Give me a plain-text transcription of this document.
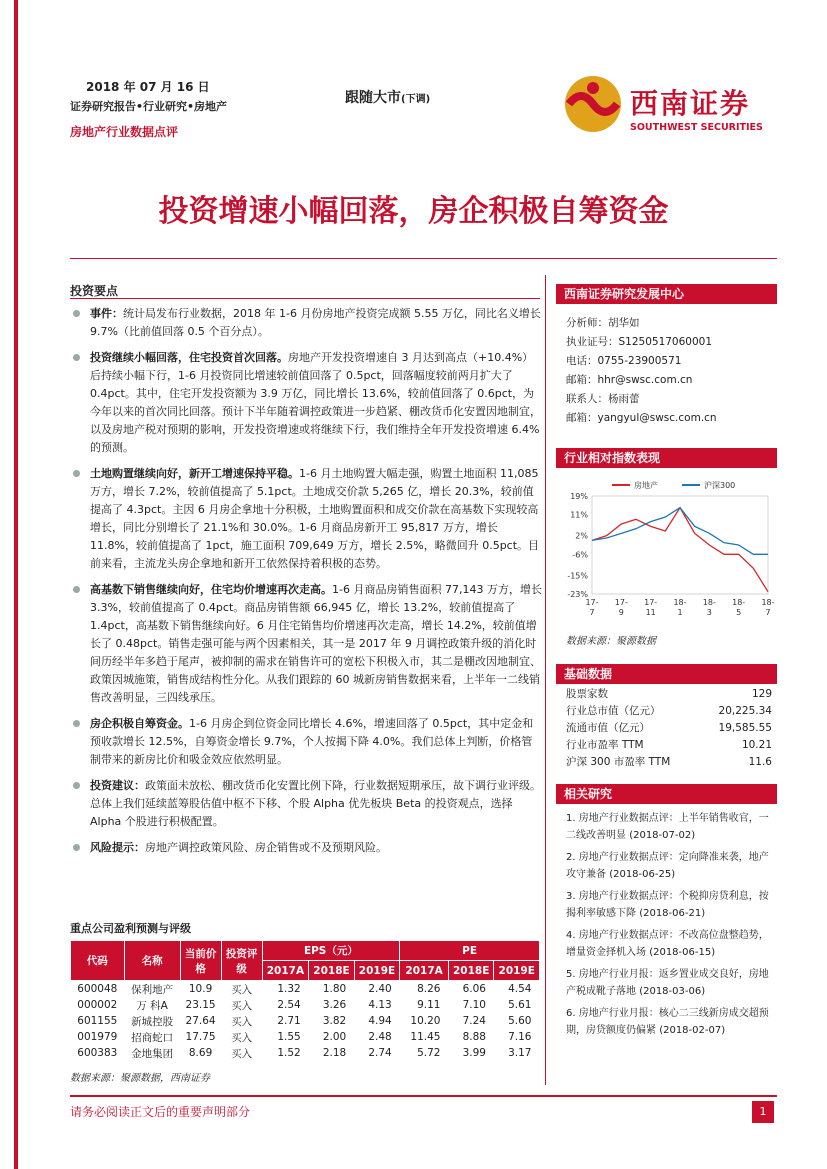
2018 年 07 月 16 日
证券研究报告•行业研究•房地产
房地产行业数据点评
跟随大市(下调)	西南证券
SOUTHWEST SECURITIES
投资增速小幅回落，房企积极自筹资金
投资要点
事件：统计局发布行业数据，2018 年 1-6 月份房地产投资完成额 5.55 万亿，同比名义增长 9.7%（比前值回落 0.5 个百分点）。
投资继续小幅回落，住宅投资首次回落。房地产开发投资增速自 3 月达到高点（+10.4%）后持续小幅下行，1-6 月投资同比增速较前值回落了 0.5pct，回落幅度较前两月扩大了 0.4pct。其中，住宅开发投资额为 3.9 万亿，同比增长 13.6%，较前值回落了 0.6pct，为今年以来的首次同比回落。预计下半年随着调控政策进一步趋紧、棚改货币化安置因地制宜，以及房地产税对预期的影响，开发投资增速或将继续下行，我们维持全年开发投资增速 6.4%的预测。
土地购置继续向好，新开工增速保持平稳。1-6 月土地购置大幅走强，购置土地面积 11,085 万方，增长 7.2%，较前值提高了 5.1pct。土地成交价款 5,265 亿，增长 20.3%，较前值提高了 4.3pct。主因 6 月房企拿地十分积极，土地购置面积和成交价款在高基数下实现较高增长，同比分别增长了 21.1%和 30.0%。1-6 月商品房新开工 95,817 万方，增长 11.8%，较前值提高了 1pct，施工面积 709,649 万方，增长 2.5%，略微回升 0.5pct。目前来看，主流龙头房企拿地和新开工依然保持着积极的态势。
高基数下销售继续向好，住宅均价增速再次走高。1-6 月商品房销售面积 77,143 万方，增长 3.3%，较前值提高了 0.4pct。商品房销售额 66,945 亿，增长 13.2%，较前值提高了 1.4pct，高基数下销售继续向好。6 月住宅销售均价增速再次走高，增长 14.2%，较前值增长了 0.48pct。销售走强可能与两个因素相关，其一是 2017 年 9 月调控政策升级的消化时间历经半年多趋于尾声，被抑制的需求在销售许可的宽松下积极入市，其二是棚改因地制宜、政策因城施策，销售成结构性分化。从我们跟踪的 60 城新房销售数据来看，上半年一二线销售改善明显，三四线承压。
房企积极自筹资金。1-6 月房企到位资金同比增长 4.6%，增速回落了 0.5pct，其中定金和预收款增长 12.5%，自筹资金增长 9.7%，个人按揭下降 4.0%。我们总体上判断，价格管制带来的新房比价和吸金效应依然明显。
投资建议：政策面未放松、棚改货币化安置比例下降，行业数据短期承压，故下调行业评级。总体上我们延续蓝筹股估值中枢不下移、个股 Alpha 优先板块 Beta 的投资观点，选择 Alpha 个股进行积极配置。
风险提示：房地产调控政策风险、房企销售或不及预期风险。
重点公司盈利预测与评级
代码	名称	当前价格	投资评级	EPS（元）			PE		
				2017A	2018E	2019E	2017A	2018E	2019E
600048	保利地产	10.9	买入	1.32	1.80	2.40	8.26	6.06	4.54
000002	万 科A	23.15	买入	2.54	3.26	4.13	9.11	7.10	5.61
601155	新城控股	27.64	买入	2.71	3.82	4.94	10.20	7.24	5.60
001979	招商蛇口	17.75	买入	1.55	2.00	2.48	11.45	8.88	7.16
600383	金地集团	8.69	买入	1.52	2.18	2.74	5.72	3.99	3.17
数据来源：聚源数据，西南证券
西南证券研究发展中心
分析师：胡华如
执业证号：S1250517060001
电话：0755-23900571
邮箱：hhr@swsc.com.cn
联系人：杨雨蕾
邮箱：yangyul@swsc.com.cn
行业相对指数表现
19%
11%
2%
-6%
-15%
-23%
17-
7
17-
9
17-
11
18-
1
18-
3
18-
5
18-
7
房地产	沪深300
数据来源：聚源数据
基础数据
股票家数	129
行业总市值（亿元）	20,225.34
流通市值（亿元）	19,585.55
行业市盈率 TTM	10.21
沪深 300 市盈率 TTM	11.6
相关研究
1. 房地产行业数据点评：上半年销售收官，一二线改善明显 (2018-07-02)
2. 房地产行业数据点评：定向降准来袭，地产攻守兼备 (2018-06-25)
3. 房地产行业数据点评：个税抑房贷利息，按揭利率敏感下降 (2018-06-21)
4. 房地产行业数据点评：不改高位盘整趋势，增量资金择机入场 (2018-06-15)
5. 房地产行业月报：返乡置业成交良好，房地产税成靴子落地 (2018-03-06)
6. 房地产行业月报：核心二三线新房成交超预期，房贷额度仍偏紧 (2018-02-07)
请务必阅读正文后的重要声明部分	1
